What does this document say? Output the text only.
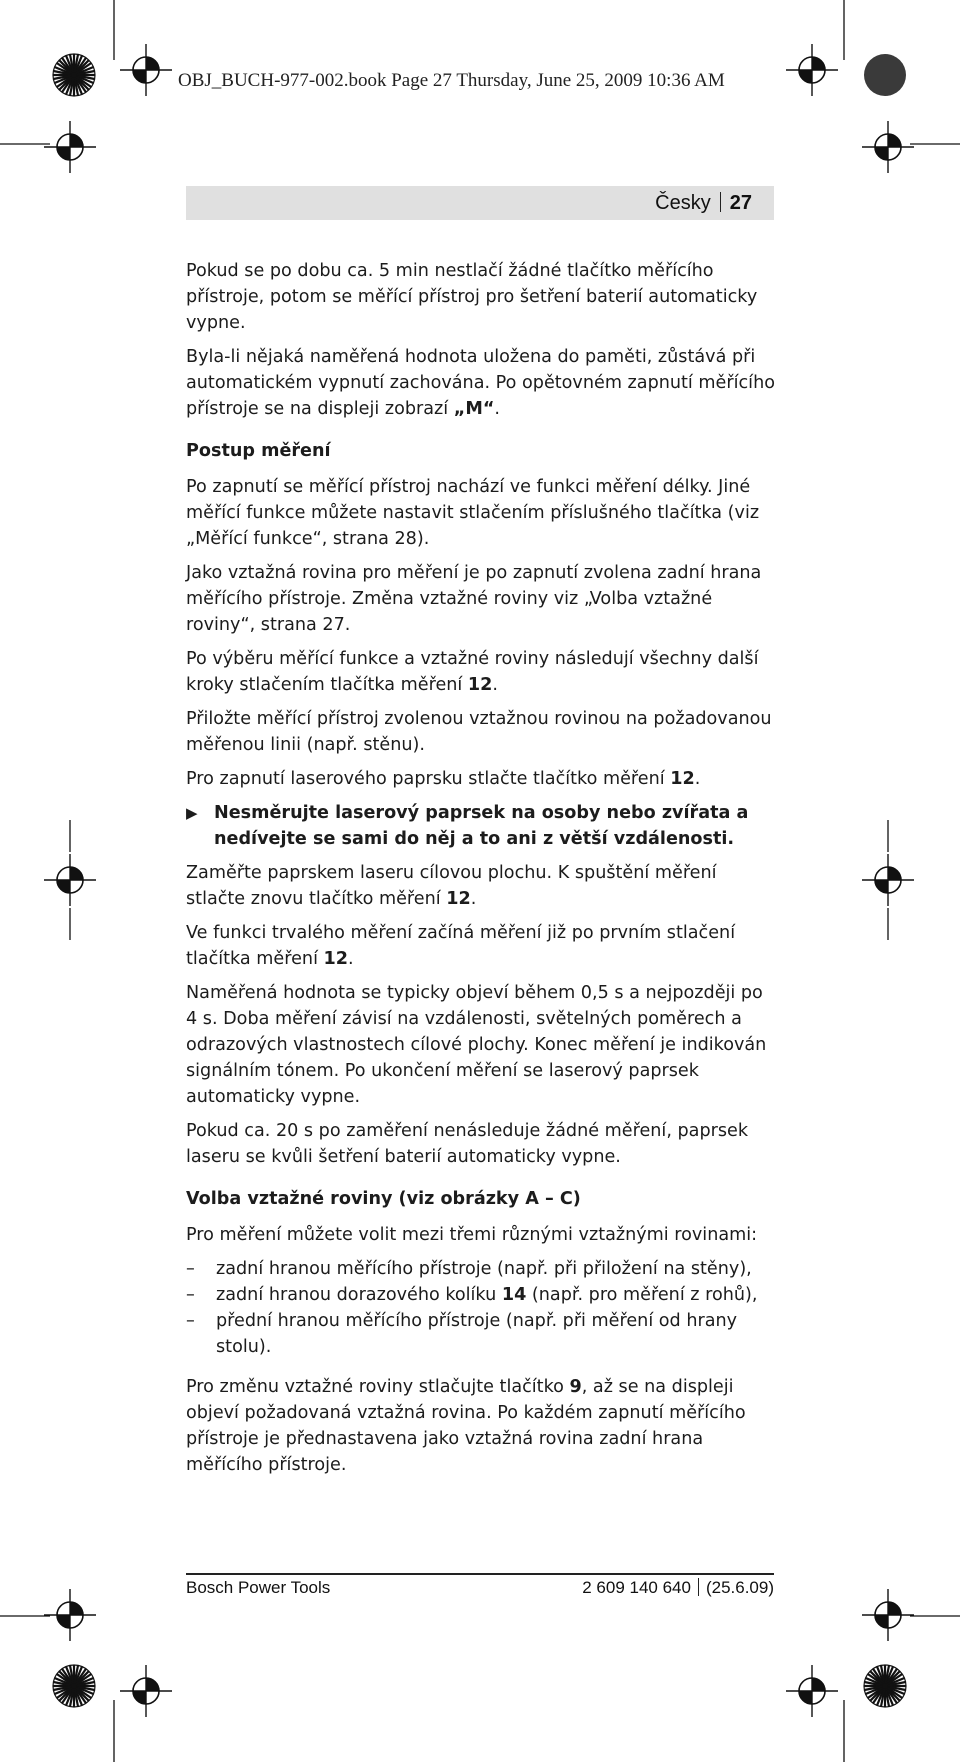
OBJ_BUCH-977-002.book Page 27 Thursday, June 25, 2009 10:36 AM
Česky 27

Pokud se po dobu ca. 5 min nestlačí žádné tlačítko měřícího přístroje, potom se měřící přístroj pro šetření baterií automaticky vypne.

Byla-li nějaká naměřená hodnota uložena do paměti, zůstává při automatickém vypnutí zachována. Po opětovném zapnutí měřícího přístroje se na displeji zobrazí „M“.

Postup měření

Po zapnutí se měřící přístroj nachází ve funkci měření délky. Jiné měřící funkce můžete nastavit stlačením příslušného tlačítka (viz „Měřící funkce“, strana 28).

Jako vztažná rovina pro měření je po zapnutí zvolena zadní hrana měřícího přístroje. Změna vztažné roviny viz „Volba vztažné roviny“, strana 27.

Po výběru měřící funkce a vztažné roviny následují všechny další kroky stlačením tlačítka měření 12.

Přiložte měřící přístroj zvolenou vztažnou rovinou na požadovanou měřenou linii (např. stěnu).

Pro zapnutí laserového paprsku stlačte tlačítko měření 12.

▶ Nesměrujte laserový paprsek na osoby nebo zvířata a nedívejte se sami do něj a to ani z větší vzdálenosti.

Zaměřte paprskem laseru cílovou plochu. K spuštění měření stlačte znovu tlačítko měření 12.

Ve funkci trvalého měření začíná měření již po prvním stlačení tlačítka měření 12.

Naměřená hodnota se typicky objeví během 0,5 s a nejpozději po 4 s. Doba měření závisí na vzdálenosti, světelných poměrech a odrazových vlastnostech cílové plochy. Konec měření je indikován signálním tónem. Po ukončení měření se laserový paprsek automaticky vypne.

Pokud ca. 20 s po zaměření nenásleduje žádné měření, paprsek laseru se kvůli šetření baterií automaticky vypne.

Volba vztažné roviny (viz obrázky A – C)

Pro měření můžete volit mezi třemi různými vztažnými rovinami:

–	zadní hranou měřícího přístroje (např. při přiložení na stěny),
–	zadní hranou dorazového kolíku 14 (např. pro měření z rohů),
–	přední hranou měřícího přístroje (např. při měření od hrany stolu).

Pro změnu vztažné roviny stlačujte tlačítko 9, až se na displeji objeví požadovaná vztažná rovina. Po každém zapnutí měřícího přístroje je přednastavena jako vztažná rovina zadní hrana měřícího přístroje.

Bosch Power Tools	2 609 140 640 (25.6.09)
